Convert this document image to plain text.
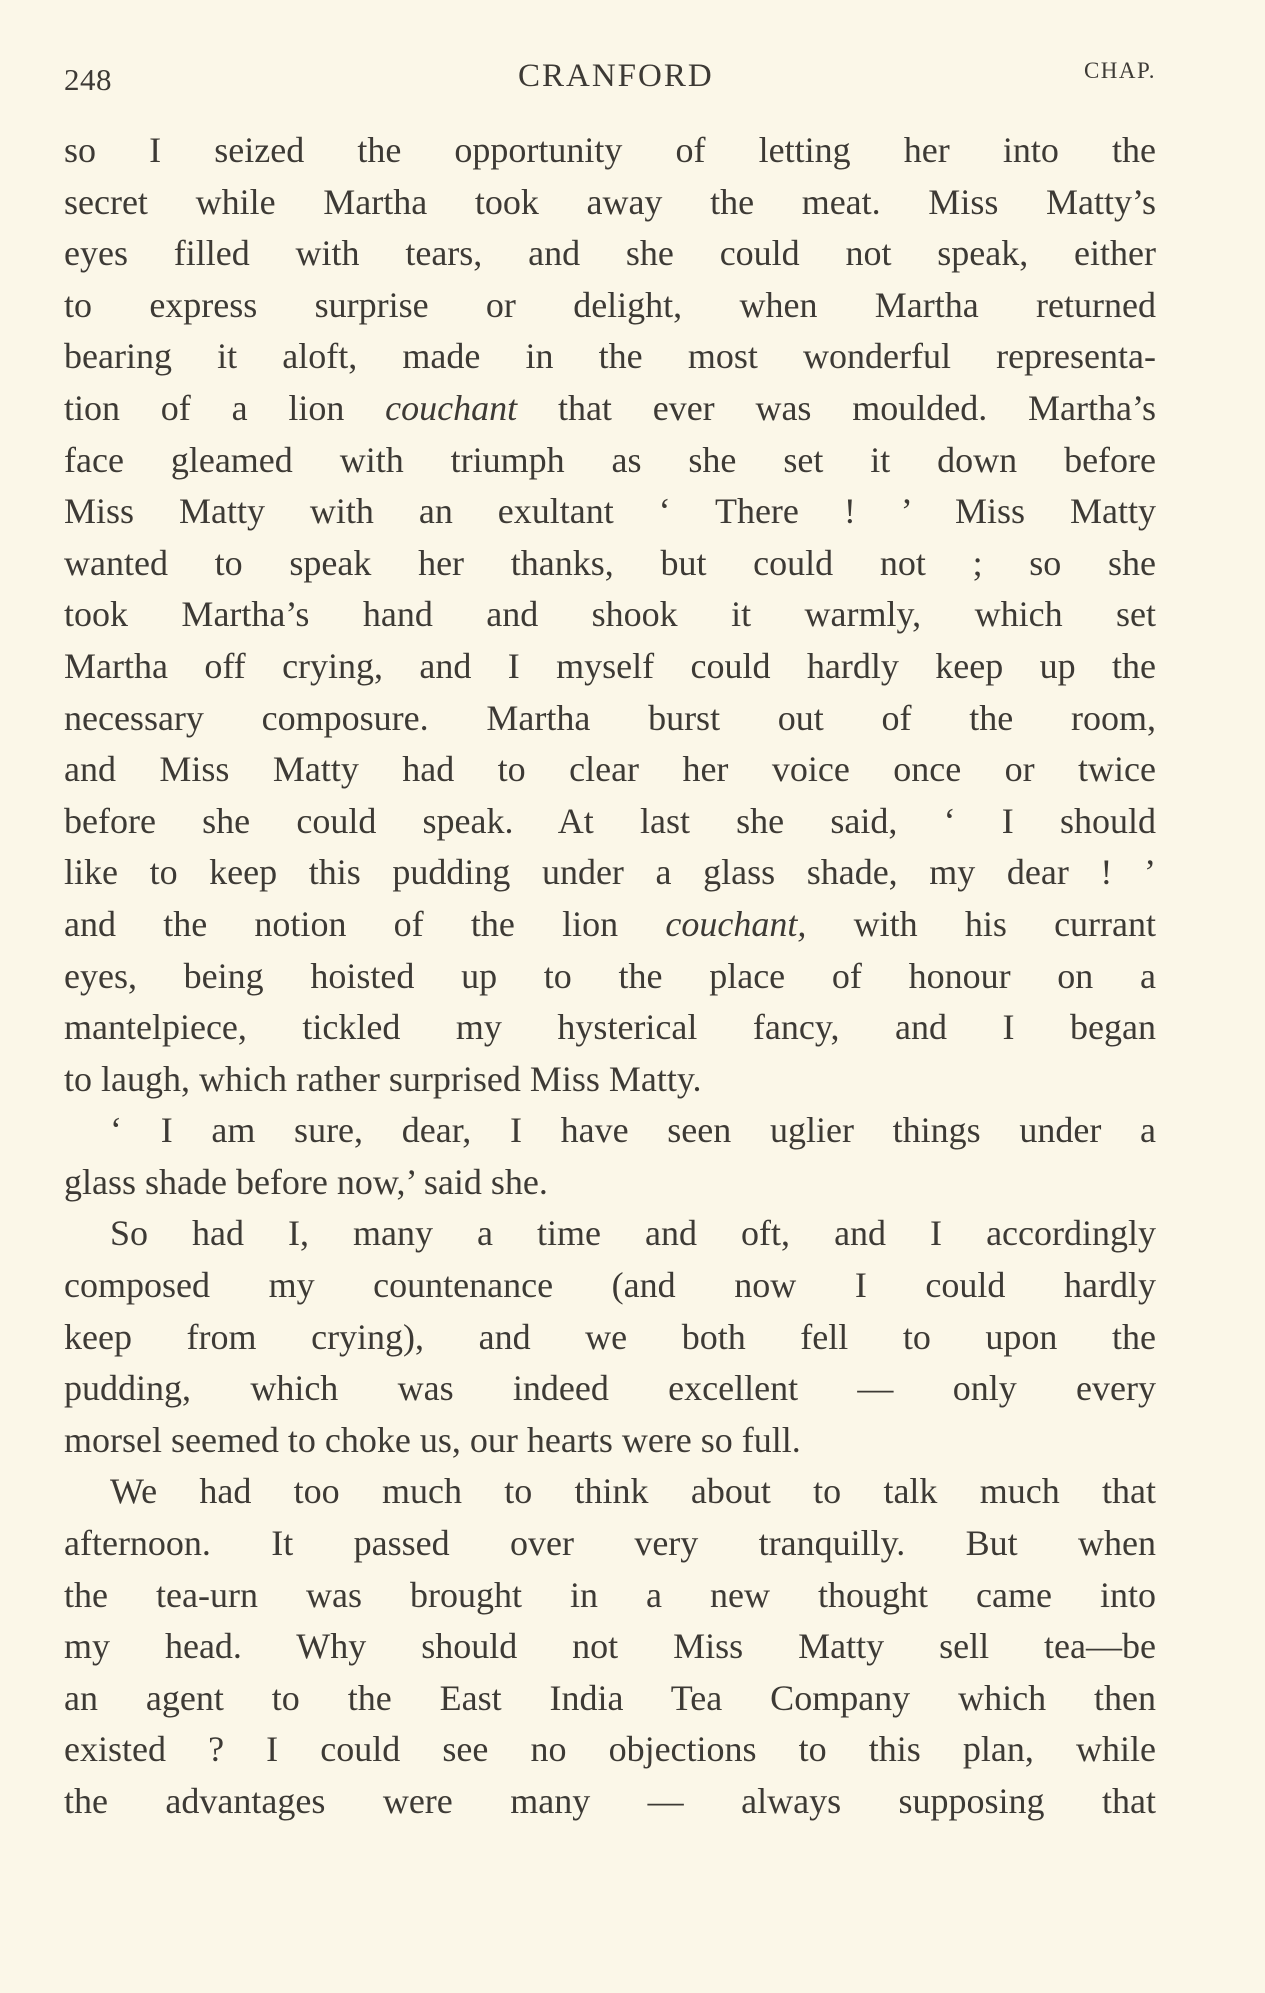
248	CRANFORD	CHAP.
so I seized the opportunity of letting her into the
secret while Martha took away the meat. Miss Matty’s
eyes filled with tears, and she could not speak, either
to express surprise or delight, when Martha returned
bearing it aloft, made in the most wonderful representa-
tion of a lion couchant that ever was moulded. Martha’s
face gleamed with triumph as she set it down before
Miss Matty with an exultant ‘ There ! ’ Miss Matty
wanted to speak her thanks, but could not ; so she
took Martha’s hand and shook it warmly, which set
Martha off crying, and I myself could hardly keep up the
necessary composure. Martha burst out of the room,
and Miss Matty had to clear her voice once or twice
before she could speak. At last she said, ‘ I should
like to keep this pudding under a glass shade, my dear ! ’
and the notion of the lion couchant, with his currant
eyes, being hoisted up to the place of honour on a
mantelpiece, tickled my hysterical fancy, and I began
to laugh, which rather surprised Miss Matty.
‘ I am sure, dear, I have seen uglier things under a
glass shade before now,’ said she.
So had I, many a time and oft, and I accordingly
composed my countenance (and now I could hardly
keep from crying), and we both fell to upon the
pudding, which was indeed excellent — only every
morsel seemed to choke us, our hearts were so full.
We had too much to think about to talk much that
afternoon. It passed over very tranquilly. But when
the tea-urn was brought in a new thought came into
my head. Why should not Miss Matty sell tea—be
an agent to the East India Tea Company which then
existed ? I could see no objections to this plan, while
the advantages were many — always supposing that
